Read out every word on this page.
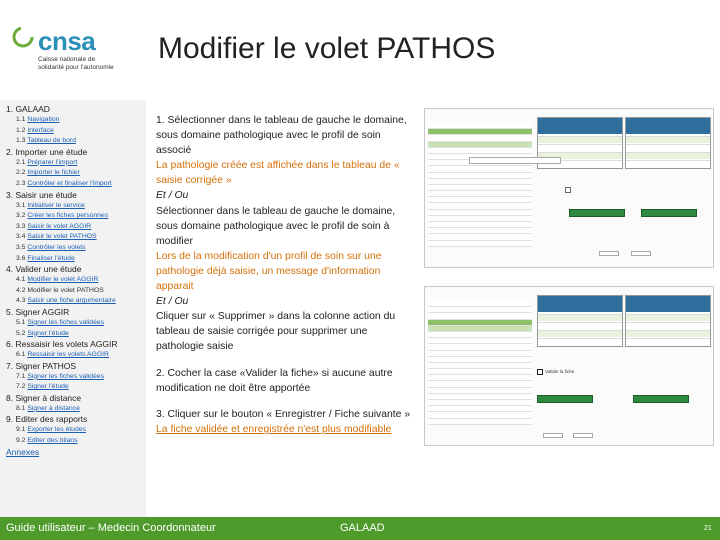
cnsa
Caisse nationale de solidarité pour l'autonomie
Modifier le volet PATHOS
1. GALAAD
1.1 Navigation
1.2 Interface
1.3 Tableau de bord
2. Importer une étude
2.1 Préparer l'import
2.2 Importer le fichier
2.3 Contrôler et finaliser l'import
3. Saisir une étude
3.1 Initialiser le service
3.2 Créer les fiches personnes
3.3 Saisir le volet AGGIR
3.4 Saisir le volet PATHOS
3.5 Contrôler les volets
3.6 Finaliser l'étude
4. Valider une étude
4.1 Modifier le volet AGGIR
4.2 Modifier le volet PATHOS
4.3 Saisir une fiche argumentaire
5. Signer AGGIR
5.1 Signer les fiches validées
5.2 Signer l'étude
6. Ressaisir les volets AGGIR
6.1 Ressaisir les volets AGGIR
7. Signer PATHOS
7.1 Signer les fiches validées
7.2 Signer l'étude
8. Signer à distance
8.1 Signer à distance
9. Editer des rapports
9.1 Exporter les études
9.2 Editer des bilans
Annexes

1. Sélectionner dans le tableau de gauche le domaine, sous domaine pathologique avec le profil de soin associé

La pathologie créée est affichée dans le tableau de « saisie corrigée »

Et / Ou

Sélectionner dans le tableau de gauche le domaine, sous domaine pathologique avec le profil de soin à modifier

Lors de la modification d'un profil de soin sur une pathologie déjà saisie, un message d'information apparait

Et / Ou

Cliquer sur « Supprimer » dans la colonne action du tableau de saisie corrigée pour supprimer une pathologie saisie

2. Cocher la case «Valider la fiche» si aucune autre modification ne doit être apportée

3. Cliquer sur le bouton « Enregistrer / Fiche suivante »

La fiche validée et enregistrée n'est plus modifiable

Valider la fiche
Guide utilisateur – Medecin Coordonnateur	GALAAD	21
